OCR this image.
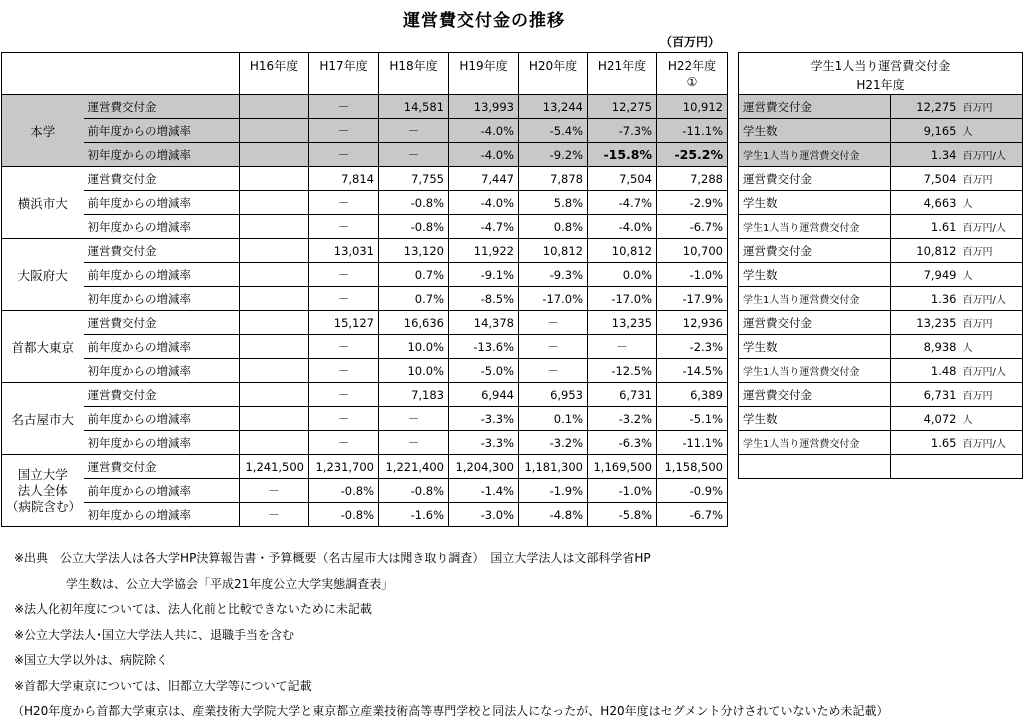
運営費交付金の推移
（百万円）
		H16年度	H17年度	H18年度	H19年度	H20年度	H21年度	H22年度
①

本学	運営費交付金		－	14,581	13,993	13,244	12,275	10,912
	前年度からの増減率		－	－	-4.0%	-5.4%	-7.3%	-11.1%
	初年度からの増減率		－	－	-4.0%	-9.2%	-15.8%	-25.2%
横浜市大	運営費交付金		7,814	7,755	7,447	7,878	7,504	7,288
	前年度からの増減率		－	-0.8%	-4.0%	5.8%	-4.7%	-2.9%
	初年度からの増減率		－	-0.8%	-4.7%	0.8%	-4.0%	-6.7%
大阪府大	運営費交付金		13,031	13,120	11,922	10,812	10,812	10,700
	前年度からの増減率		－	0.7%	-9.1%	-9.3%	0.0%	-1.0%
	初年度からの増減率		－	0.7%	-8.5%	-17.0%	-17.0%	-17.9%
首都大東京	運営費交付金		15,127	16,636	14,378	－	13,235	12,936
	前年度からの増減率		－	10.0%	-13.6%	－	－	-2.3%
	初年度からの増減率		－	10.0%	-5.0%	－	-12.5%	-14.5%
名古屋市大	運営費交付金		－	7,183	6,944	6,953	6,731	6,389
	前年度からの増減率		－	－	-3.3%	0.1%	-3.2%	-5.1%
	初年度からの増減率		－	－	-3.3%	-3.2%	-6.3%	-11.1%

国立大学
法人全体
（病院含む）	運営費交付金	1,241,500	1,231,700	1,221,400	1,204,300	1,181,300	1,169,500	1,158,500
	前年度からの増減率	－	-0.8%	-0.8%	-1.4%	-1.9%	-1.0%	-0.9%
	初年度からの増減率	－	-0.8%	-1.6%	-3.0%	-4.8%	-5.8%	-6.7%
学生1人当り運営費交付金
H21年度		

運営費交付金	12,275	百万円
学生数	9,165	人
学生1人当り運営費交付金	1.34	百万円/人
運営費交付金	7,504	百万円
学生数	4,663	人
学生1人当り運営費交付金	1.61	百万円/人
運営費交付金	10,812	百万円
学生数	7,949	人
学生1人当り運営費交付金	1.36	百万円/人
運営費交付金	13,235	百万円
学生数	8,938	人
学生1人当り運営費交付金	1.48	百万円/人
運営費交付金	6,731	百万円
学生数	4,072	人
学生1人当り運営費交付金	1.65	百万円/人

※出典　公立大学法人は各大学HP決算報告書・予算概要（名古屋市大は聞き取り調査）　国立大学法人は文部科学省HP
学生数は、公立大学協会「平成21年度公立大学実態調査表」
※法人化初年度については、法人化前と比較できないために未記載
※公立大学法人･国立大学法人共に、退職手当を含む
※国立大学以外は、病院除く
※首都大学東京については、旧都立大学等について記載
（H20年度から首都大学東京は、産業技術大学院大学と東京都立産業技術高等専門学校と同法人になったが、H20年度はセグメント分けされていないため未記載）
